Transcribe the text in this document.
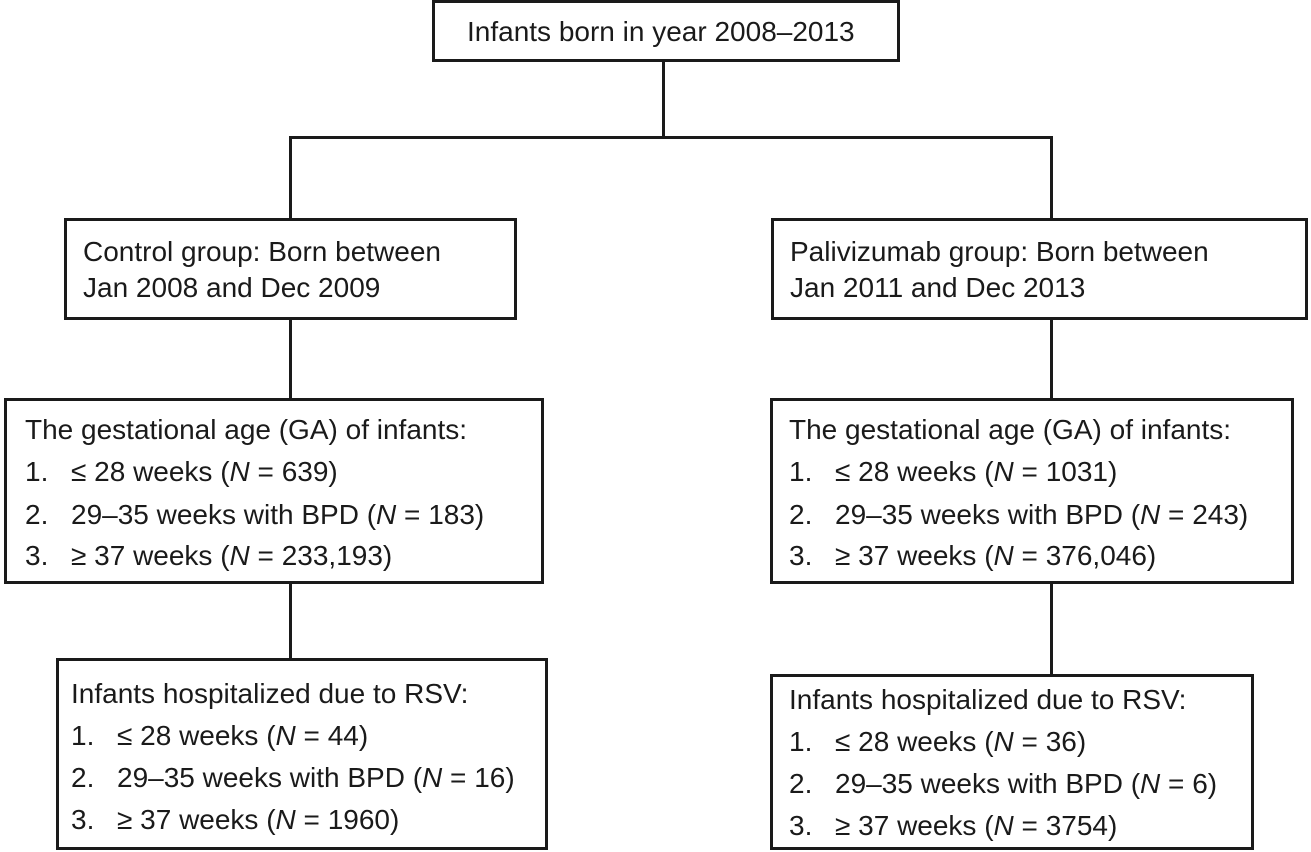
Infants born in year 2008–2013
Control group: Born between
Jan 2008 and Dec 2009
Palivizumab group: Born between
Jan 2011 and Dec 2013
The gestational age (GA) of infants:
1. ≤ 28 weeks (N = 639)
2. 29–35 weeks with BPD (N = 183)
3. ≥ 37 weeks (N = 233,193)
The gestational age (GA) of infants:
1. ≤ 28 weeks (N = 1031)
2. 29–35 weeks with BPD (N = 243)
3. ≥ 37 weeks (N = 376,046)
Infants hospitalized due to RSV:
1. ≤ 28 weeks (N = 44)
2. 29–35 weeks with BPD (N = 16)
3. ≥ 37 weeks (N = 1960)
Infants hospitalized due to RSV:
1. ≤ 28 weeks (N = 36)
2. 29–35 weeks with BPD (N = 6)
3. ≥ 37 weeks (N = 3754)
